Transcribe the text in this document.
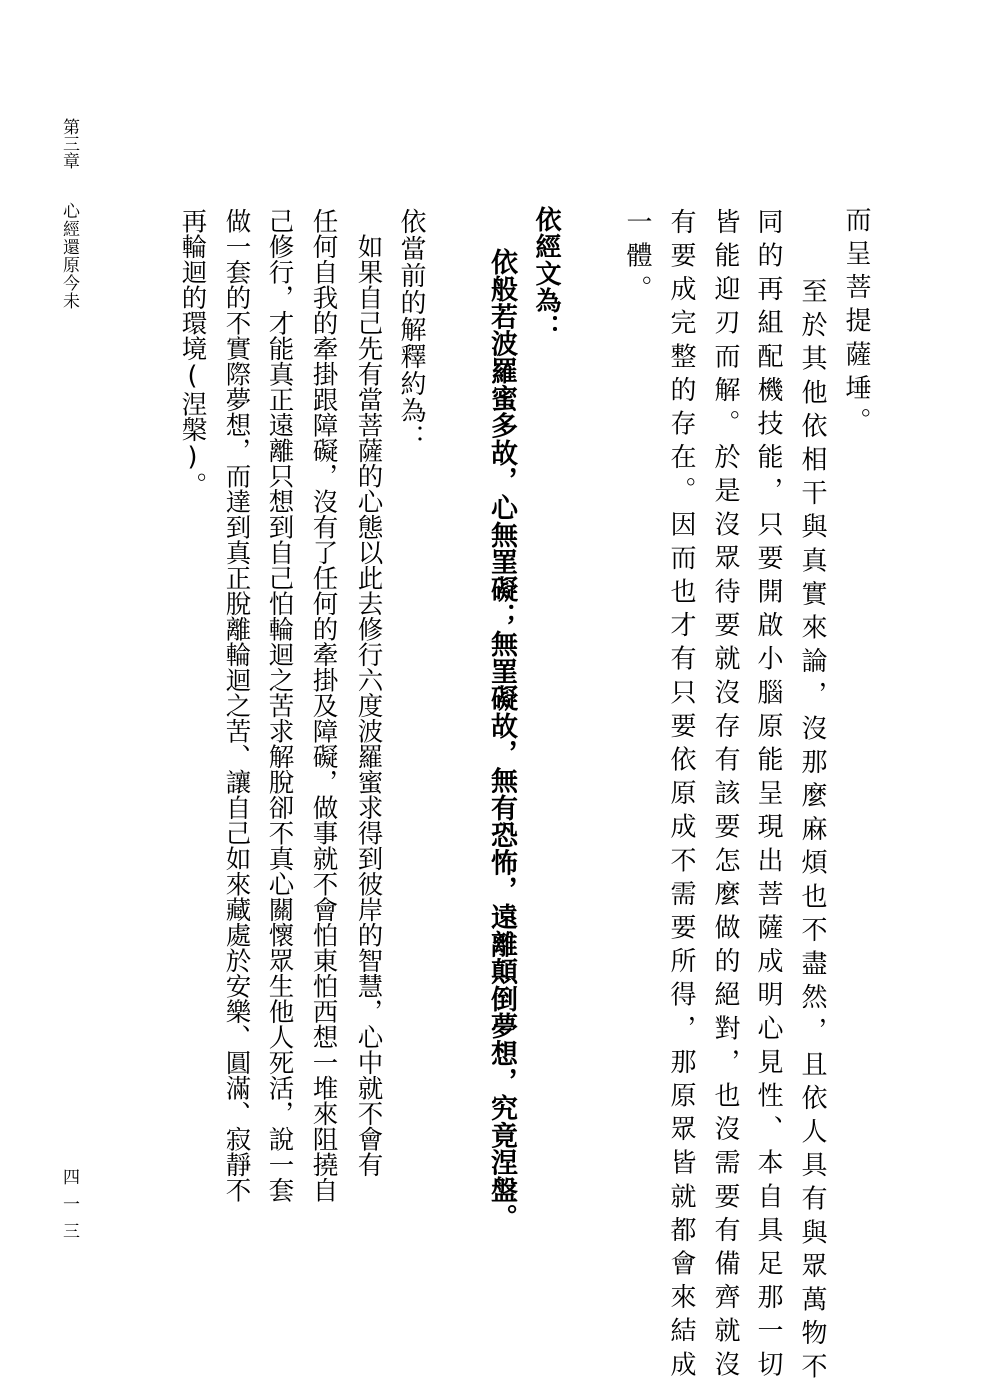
第三章
心經還原今未
四一三
而呈菩提薩埵。
　至於其他依相干與真實來論，沒那麼麻煩也不盡然，且依人具有與眾萬物不
同的再組配機技能，只要開啟小腦原能呈現出菩薩成明心見性、本自具足那一切
皆能迎刃而解。於是沒眾待要就沒存有該要怎麼做的絕對，也沒需要有備齊就沒
有要成完整的存在。因而也才有只要依原成不需要所得，那原眾皆就都會來結成
一體。
依經文為：
依般若波羅蜜多故，心無罣礙；無罣礙故，無有恐怖，遠離顛倒夢想，究竟涅盤。
依當前的解釋約為：
　如果自己先有當菩薩的心態以此去修行六度波羅蜜求得到彼岸的智慧，心中就不會有
任何自我的牽掛跟障礙，沒有了任何的牽掛及障礙，做事就不會怕東怕西想一堆來阻撓自
己修行，才能真正遠離只想到自己怕輪迴之苦求解脫卻不真心關懷眾生他人死活，說一套
做一套的不實際夢想，而達到真正脫離輪迴之苦、讓自己如來藏處於安樂、圓滿、寂靜不
再輪迴的環境(涅槃)。
